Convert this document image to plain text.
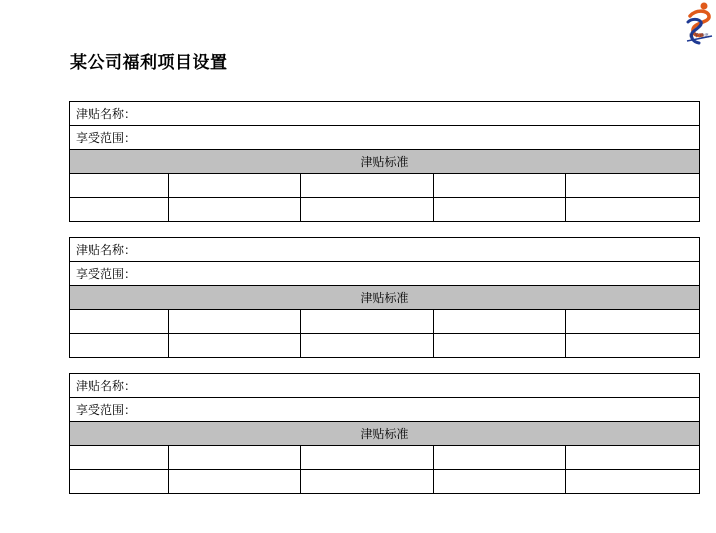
成华通讯
某公司福利项目设置
津贴名称：				
享受范围：				
津贴标准				

津贴名称：				
享受范围：				
津贴标准				

津贴名称：				
享受范围：				
津贴标准				
